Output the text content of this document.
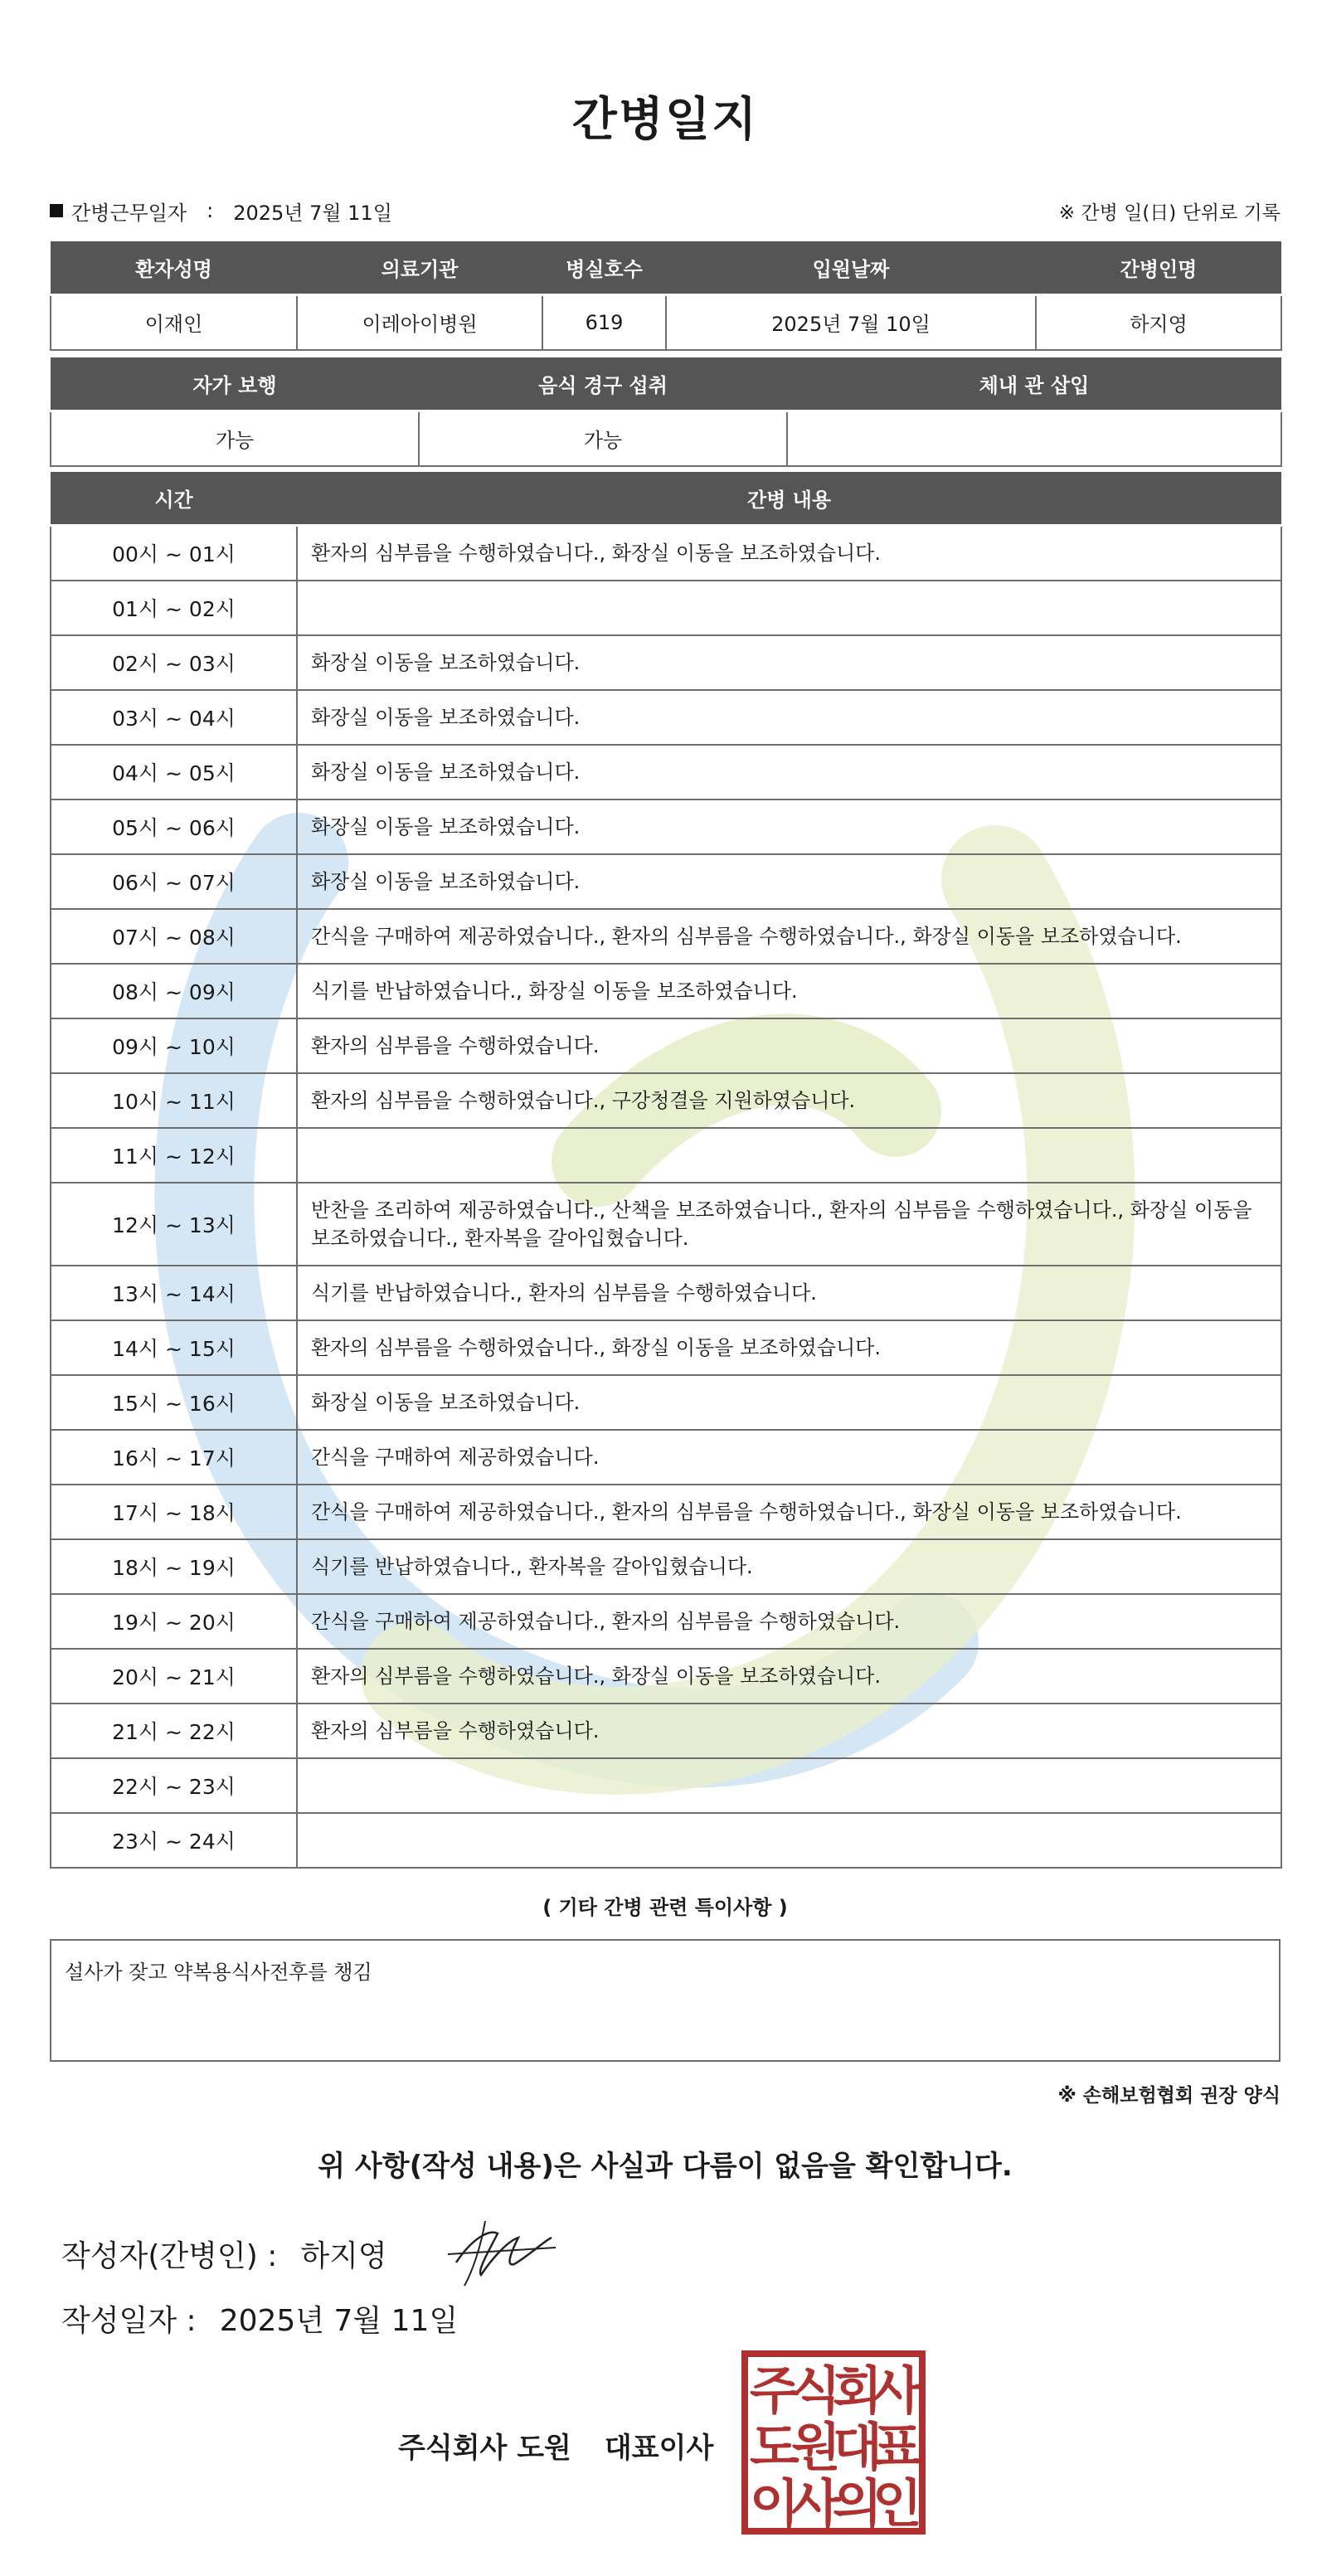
간병일지
간병근무일자 : 2025년 7월 11일	※ 간병 일(日) 단위로 기록
환자성명	의료기관	병실호수	입원날짜	간병인명
이재인	이레아이병원	619	2025년 7월 10일	하지영
자가 보행	음식 경구 섭취	체내 관 삽입
가능	가능	
시간	간병 내용
00시 ~ 01시	환자의 심부름을 수행하였습니다., 화장실 이동을 보조하였습니다.
01시 ~ 02시	
02시 ~ 03시	화장실 이동을 보조하였습니다.
03시 ~ 04시	화장실 이동을 보조하였습니다.
04시 ~ 05시	화장실 이동을 보조하였습니다.
05시 ~ 06시	화장실 이동을 보조하였습니다.
06시 ~ 07시	화장실 이동을 보조하였습니다.
07시 ~ 08시	간식을 구매하여 제공하였습니다., 환자의 심부름을 수행하였습니다., 화장실 이동을 보조하였습니다.
08시 ~ 09시	식기를 반납하였습니다., 화장실 이동을 보조하였습니다.
09시 ~ 10시	환자의 심부름을 수행하였습니다.
10시 ~ 11시	환자의 심부름을 수행하였습니다., 구강청결을 지원하였습니다.
11시 ~ 12시	
12시 ~ 13시	반찬을 조리하여 제공하였습니다., 산책을 보조하였습니다., 환자의 심부름을 수행하였습니다., 화장실 이동을 보조하였습니다., 환자복을 갈아입혔습니다.
13시 ~ 14시	식기를 반납하였습니다., 환자의 심부름을 수행하였습니다.
14시 ~ 15시	환자의 심부름을 수행하였습니다., 화장실 이동을 보조하였습니다.
15시 ~ 16시	화장실 이동을 보조하였습니다.
16시 ~ 17시	간식을 구매하여 제공하였습니다.
17시 ~ 18시	간식을 구매하여 제공하였습니다., 환자의 심부름을 수행하였습니다., 화장실 이동을 보조하였습니다.
18시 ~ 19시	식기를 반납하였습니다., 환자복을 갈아입혔습니다.
19시 ~ 20시	간식을 구매하여 제공하였습니다., 환자의 심부름을 수행하였습니다.
20시 ~ 21시	환자의 심부름을 수행하였습니다., 화장실 이동을 보조하였습니다.
21시 ~ 22시	환자의 심부름을 수행하였습니다.
22시 ~ 23시	
23시 ~ 24시	
( 기타 간병 관련 특이사항 )
설사가 잦고 약복용식사전후를 챙김
※ 손해보험협회 권장 양식
위 사항(작성 내용)은 사실과 다름이 없음을 확인합니다.
작성자(간병인) : 하지영
작성일자 : 2025년 7월 11일
주식회사 도원 대표이사
주
식
회
사
도
원
대
표
이
사
의
인
